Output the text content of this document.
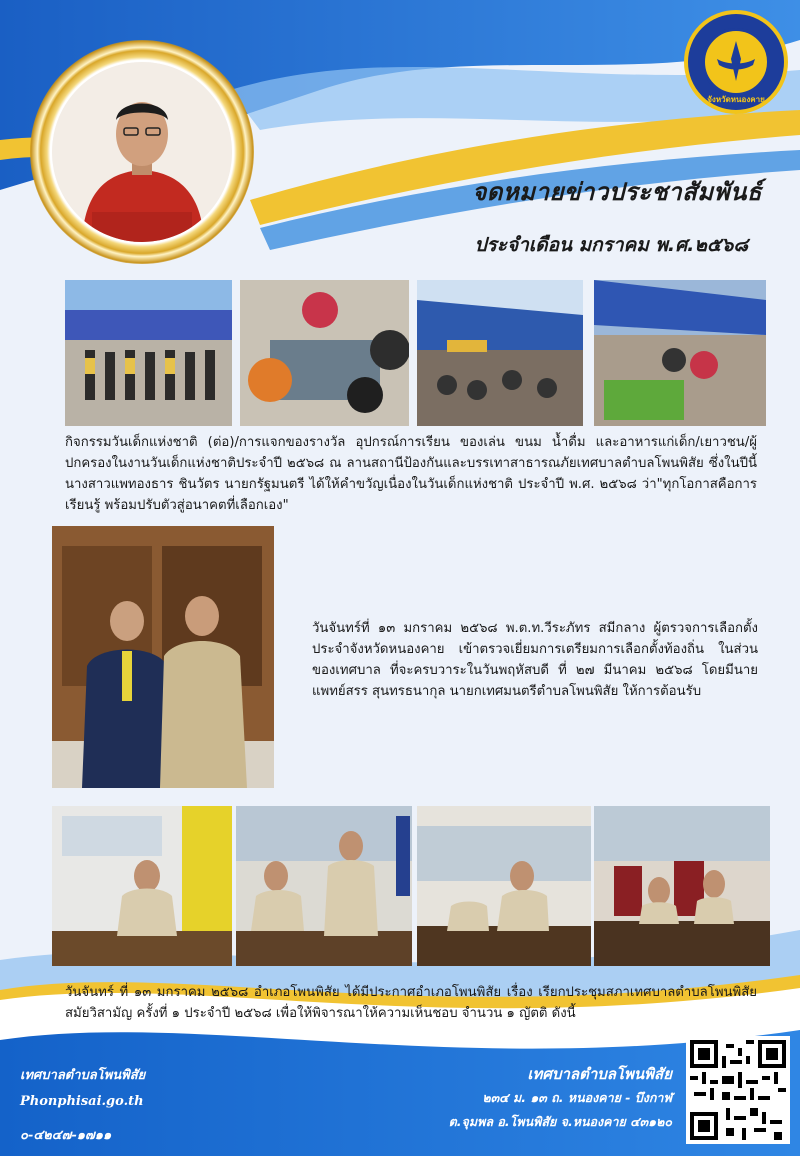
จังหวัดหนองคาย
จดหมายข่าวประชาสัมพันธ์
ประจำเดือน มกราคม พ.ศ.๒๕๖๘
กิจกรรมวันเด็กแห่งชาติ (ต่อ)/การแจกของรางวัล อุปกรณ์การเรียน ของเล่น ขนม น้ำดื่ม และอาหารแก่เด็ก/เยาวชน/ผู้ปกครองในงานวันเด็กแห่งชาติประจำปี ๒๕๖๘ ณ ลานสถานีป้องกันและบรรเทาสาธารณภัยเทศบาลตำบลโพนพิสัย ซึ่งในปีนี้ นางสาวแพทองธาร ชินวัตร นายกรัฐมนตรี ได้ให้คำขวัญเนื่องในวันเด็กแห่งชาติ ประจำปี พ.ศ. ๒๕๖๘ ว่า"ทุกโอกาสคือการเรียนรู้ พร้อมปรับตัวสู่อนาคตที่เลือกเอง"
วันจันทร์ที่ ๑๓ มกราคม ๒๕๖๘ พ.ต.ท.วีระภัทร สมีกลาง ผู้ตรวจการเลือกตั้งประจำจังหวัดหนองคาย เข้าตรวจเยี่ยมการเตรียมการเลือกตั้งท้องถิ่น ในส่วนของเทศบาล ที่จะครบวาระในวันพฤหัสบดี ที่ ๒๗ มีนาคม ๒๕๖๘ โดยมีนายแพทย์สรร สุนทรธนากุล นายกเทศมนตรีตำบลโพนพิสัย ให้การต้อนรับ
วันจันทร์ ที่ ๑๓ มกราคม ๒๕๖๘ อำเภอโพนพิสัย ได้มีประกาศอำเภอโพนพิสัย เรื่อง เรียกประชุมสภาเทศบาลตำบลโพนพิสัย สมัยวิสามัญ ครั้งที่ ๑ ประจำปี ๒๕๖๘ เพื่อให้พิจารณาให้ความเห็นชอบ จำนวน ๑ ญัตติ ดังนี้
เทศบาลตำบลโพนพิสัย
Phonphisai.go.th
๐-๔๒๔๗-๑๗๑๑
เทศบาลตำบลโพนพิสัย
๒๓๔ ม. ๑๓ ถ. หนองคาย - บึงกาฬ
ต.จุมพล อ.โพนพิสัย จ.หนองคาย ๔๓๑๒๐
